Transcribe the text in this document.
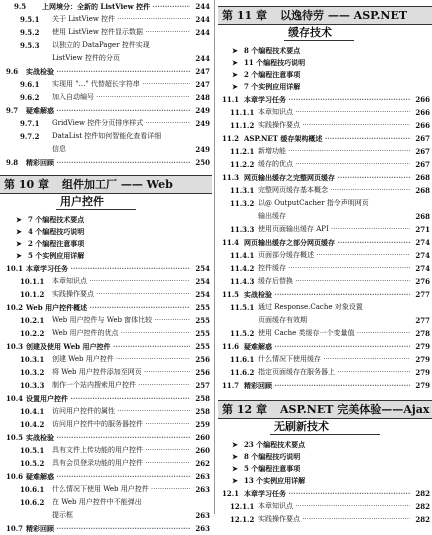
9.5 上网境分：全新的 ListView 控件 ·····	244
9.5.1 关于 ListView 控件 ·····	244
9.5.2 使用 ListView 控件显示数据 ·····	244
9.5.3 以独立的 DataPager 控件实现
ListView 控件的分页	244
9.6 实战检验 ·····	247
9.6.1 实现用 "…" 代替超长字符串 ·····	247
9.6.2 加入自动编号 ·····	248
9.7 疑难解惑 ·····	249
9.7.1 GridView 控件分页排序样式 ·····	249
9.7.2 DataList 控件如何智能化查看详细
信息	249
9.8 精彩回顾 ·····	250
第 10 章 组件加工厂 —— Web
用户控件
➤ 7 个编程技术要点
➤ 4 个编程技巧说明
➤ 2 个编程注意事项
➤ 5 个实例应用详解
10.1 本章学习任务 ·····	254
10.1.1 本章知识点 ·····	254
10.1.2 实践操作要点 ·····	254
10.2 Web 用户控件概述 ·····	255
10.2.1 Web 用户控件与 Web 窗体比较 ·····	255
10.2.2 Web 用户控件的优点 ·····	255
10.3 创建及使用 Web 用户控件 ·····	255
10.3.1 创建 Web 用户控件 ·····	256
10.3.2 将 Web 用户控件添加至网页 ·····	256
10.3.3 制作一个站内搜索用户控件 ·····	257
10.4 设置用户控件 ·····	258
10.4.1 访问用户控件的属性 ·····	258
10.4.2 访问用户控件中的服务器控件 ·····	259
10.5 实战检验 ·····	260
10.5.1 具有文件上传功能的用户控件 ·····	260
10.5.2 具有会员登录功能的用户控件 ·····	262
10.6 疑难解惑 ·····	263
10.6.1 什么情况下使用 Web 用户控件 ·····	263
10.6.2 在 Web 用户控件中不能弹出
提示框	263
10.7 精彩回顾 ·····	263
第 11 章 以逸待劳 —— ASP.NET
缓存技术
➤ 8 个编程技术要点
➤ 11 个编程技巧说明
➤ 2 个编程注意事项
➤ 7 个实例应用详解
11.1 本章学习任务 ·····	266
11.1.1 本章知识点 ·····	266
11.1.2 实践操作要点 ·····	266
11.2 ASP.NET 缓存架构概述 ·····	267
11.2.1 新增功能 ·····	267
11.2.2 缓存的优点 ·····	267
11.3 网页输出缓存之完整网页缓存 ·····	268
11.3.1 完整网页缓存基本概念 ·····	268
11.3.2 以@ OutputCacher 指令声明网页
输出缓存	268
11.3.3 使用页面输出缓存 API ·····	271
11.4 网页输出缓存之部分网页缓存 ·····	274
11.4.1 页面部分缓存概述 ·····	274
11.4.2 控件缓存 ·····	274
11.4.3 缓存后替换 ·····	276
11.5 实战检验 ·····	277
11.5.1 通过 Response.Cache 对象设置
页面缓存有效期	277
11.5.2 使用 Cache 类缓存一个变量值 ·····	278
11.6 疑难解惑 ·····	279
11.6.1 什么情况下使用缓存 ·····	279
11.6.2 指定页面缓存在服务器上 ·····	279
11.7 精彩回顾 ·····	279
第 12 章 ASP.NET 完美体验——Ajax
无刷新技术
➤ 23 个编程技术要点
➤ 8 个编程技巧说明
➤ 5 个编程注意事项
➤ 13 个实例应用详解
12.1 本章学习任务 ·····	282
12.1.1 本章知识点 ·····	282
12.1.2 实践操作要点 ·····	282
